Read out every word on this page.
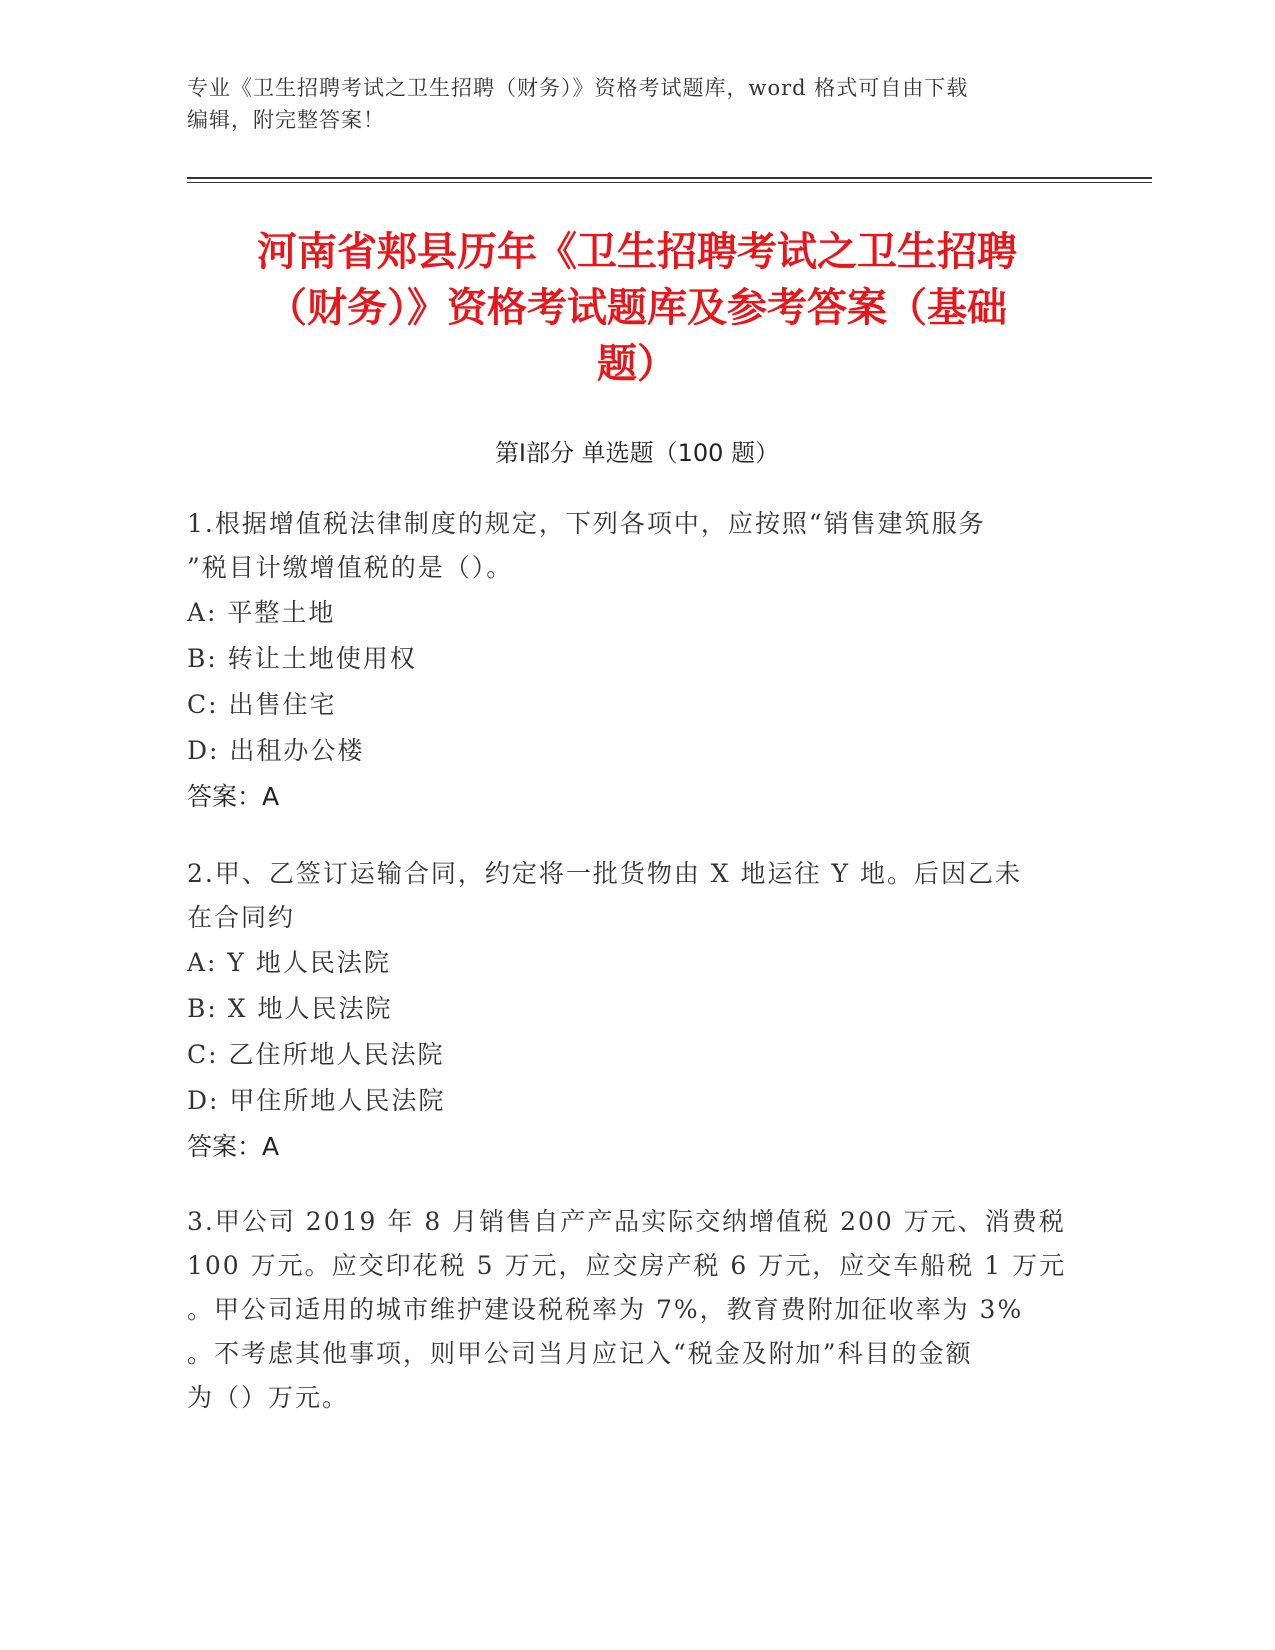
专业《卫生招聘考试之卫生招聘（财务）》资格考试题库，word 格式可自由下载
编辑，附完整答案！
河南省郏县历年《卫生招聘考试之卫生招聘
（财务）》资格考试题库及参考答案（基础
题）
第Ⅰ部分 单选题（100 题）
1.根据增值税法律制度的规定，下列各项中，应按照“销售建筑服务
”税目计缴增值税的是（）。
A: 平整土地
B: 转让土地使用权
C: 出售住宅
D: 出租办公楼
答案：A
2.甲、乙签订运输合同，约定将一批货物由 X 地运往 Y 地。后因乙未
在合同约
A: Y 地人民法院
B: X 地人民法院
C: 乙住所地人民法院
D: 甲住所地人民法院
答案：A
3.甲公司 2019 年 8 月销售自产产品实际交纳增值税 200 万元、消费税
100 万元。应交印花税 5 万元，应交房产税 6 万元，应交车船税 1 万元
。甲公司适用的城市维护建设税税率为 7%，教育费附加征收率为 3%
。不考虑其他事项，则甲公司当月应记入“税金及附加”科目的金额
为（）万元。
